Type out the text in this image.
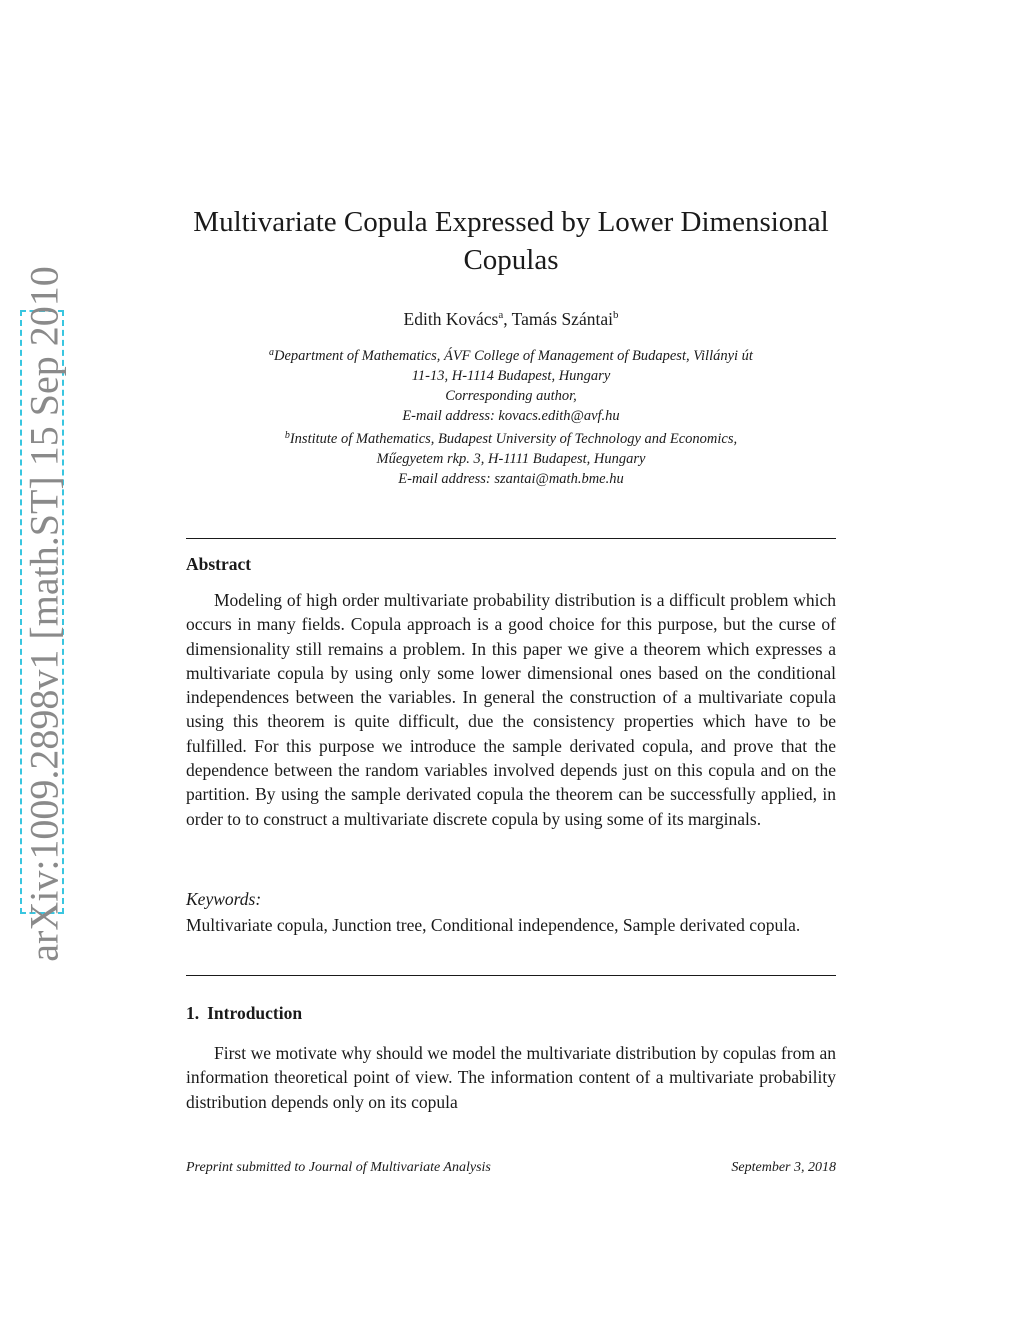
arXiv:1009.2898v1 [math.ST] 15 Sep 2010
Multivariate Copula Expressed by Lower Dimensional Copulas
Edith Kovács$^a$, Tamás Szántai$^b$
$^a$Department of Mathematics, ÁVF College of Management of Budapest, Villányi út
11-13, H-1114 Budapest, Hungary
Corresponding author,
E-mail address: kovacs.edith@avf.hu
$^b$Institute of Mathematics, Budapest University of Technology and Economics,
Műegyetem rkp. 3, H-1111 Budapest, Hungary
E-mail address: szantai@math.bme.hu
Abstract
Modeling of high order multivariate probability distribution is a difficult problem which occurs in many fields. Copula approach is a good choice for this purpose, but the curse of dimensionality still remains a problem. In this paper we give a theorem which expresses a multivariate copula by using only some lower dimensional ones based on the conditional independences between the variables. In general the construction of a multivariate copula using this theorem is quite difficult, due the consistency properties which have to be fulfilled. For this purpose we introduce the sample derivated copula, and prove that the dependence between the random variables involved depends just on this copula and on the partition. By using the sample derivated copula the theorem can be successfully applied, in order to to construct a multivariate discrete copula by using some of its marginals.
Keywords:
Multivariate copula, Junction tree, Conditional independence, Sample derivated copula.
1. Introduction
First we motivate why should we model the multivariate distribution by copulas from an information theoretical point of view. The information content of a multivariate probability distribution depends only on its copula
Preprint submitted to Journal of Multivariate Analysis	September 3, 2018
